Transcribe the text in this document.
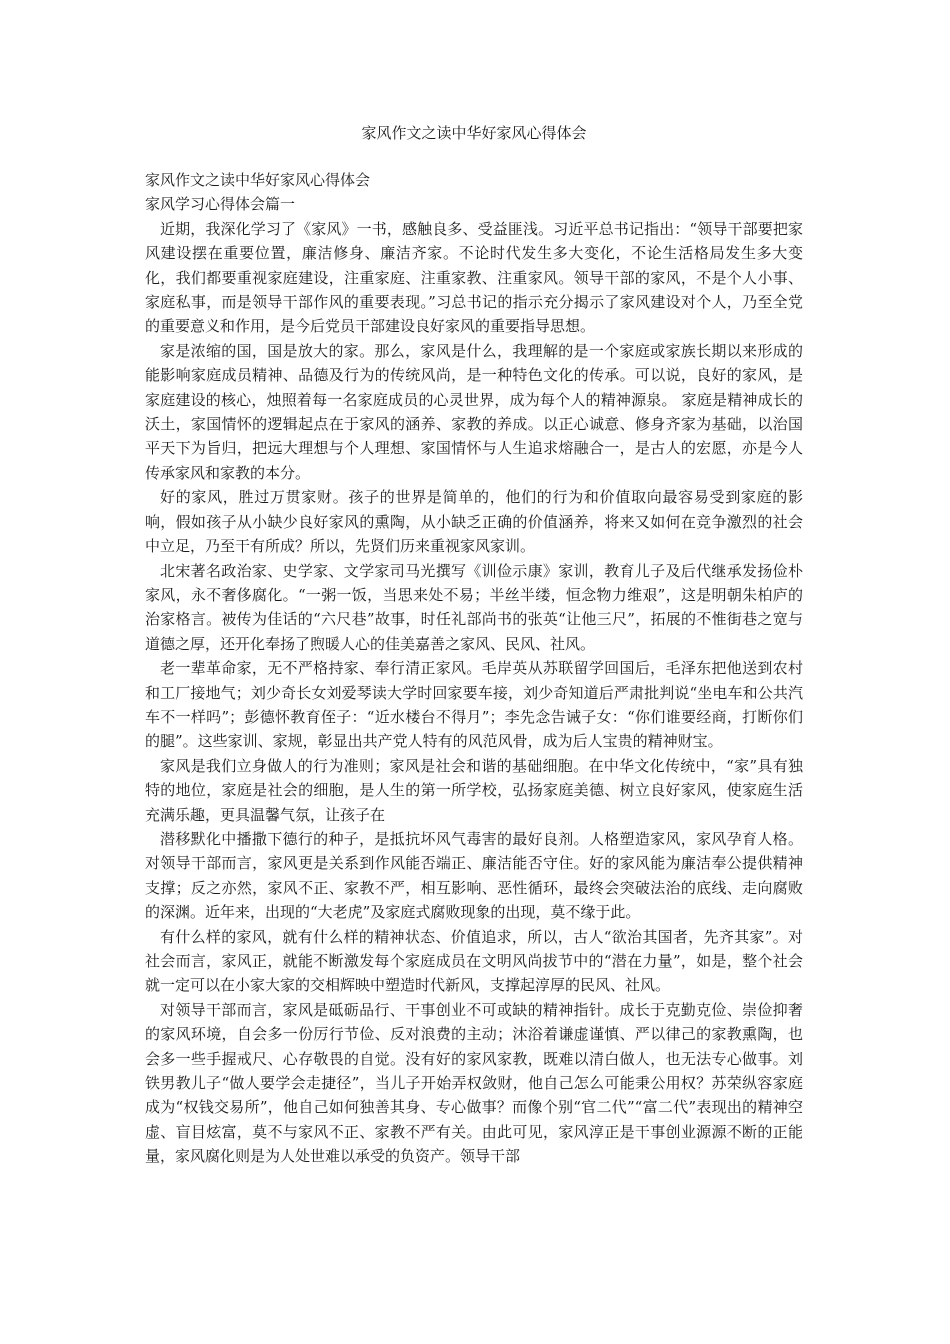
家风作文之读中华好家风心得体会

家风作文之读中华好家风心得体会

家风学习心得体会篇一

近期，我深化学习了《家风》一书，感触良多、受益匪浅。习近平总书记指出：“领导干部要把家风建设摆在重要位置，廉洁修身、廉洁齐家。不论时代发生多大变化，不论生活格局发生多大变化，我们都要重视家庭建设，注重家庭、注重家教、注重家风。领导干部的家风，不是个人小事、家庭私事，而是领导干部作风的重要表现。”习总书记的指示充分揭示了家风建设对个人，乃至全党的重要意义和作用，是今后党员干部建设良好家风的重要指导思想。

家是浓缩的国，国是放大的家。那么，家风是什么，我理解的是一个家庭或家族长期以来形成的能影响家庭成员精神、品德及行为的传统风尚，是一种特色文化的传承。可以说，良好的家风，是家庭建设的核心，烛照着每一名家庭成员的心灵世界，成为每个人的精神源泉。 家庭是精神成长的沃土，家国情怀的逻辑起点在于家风的涵养、家教的养成。以正心诚意、修身齐家为基础，以治国平天下为旨归，把远大理想与个人理想、家国情怀与人生追求熔融合一，是古人的宏愿，亦是今人传承家风和家教的本分。

好的家风，胜过万贯家财。孩子的世界是简单的，他们的行为和价值取向最容易受到家庭的影响，假如孩子从小缺少良好家风的熏陶，从小缺乏正确的价值涵养，将来又如何在竞争激烈的社会中立足，乃至干有所成？所以，先贤们历来重视家风家训。

北宋著名政治家、史学家、文学家司马光撰写《训俭示康》家训，教育儿子及后代继承发扬俭朴家风，永不奢侈腐化。“一粥一饭，当思来处不易；半丝半缕，恒念物力维艰”，这是明朝朱柏庐的治家格言。被传为佳话的“六尺巷”故事，时任礼部尚书的张英“让他三尺”，拓展的不惟街巷之宽与道德之厚，还开化奉扬了煦暖人心的佳美嘉善之家风、民风、社风。

老一辈革命家，无不严格持家、奉行清正家风。毛岸英从苏联留学回国后，毛泽东把他送到农村和工厂接地气；刘少奇长女刘爱琴读大学时回家要车接，刘少奇知道后严肃批判说“坐电车和公共汽车不一样吗”；彭德怀教育侄子：“近水楼台不得月”；李先念告诫子女：“你们谁要经商，打断你们的腿”。这些家训、家规，彰显出共产党人特有的风范风骨，成为后人宝贵的精神财宝。

家风是我们立身做人的行为准则；家风是社会和谐的基础细胞。在中华文化传统中，“家”具有独特的地位，家庭是社会的细胞，是人生的第一所学校，弘扬家庭美德、树立良好家风，使家庭生活充满乐趣，更具温馨气氛，让孩子在

潜移默化中播撒下德行的种子，是抵抗坏风气毒害的最好良剂。人格塑造家风，家风孕育人格。对领导干部而言，家风更是关系到作风能否端正、廉洁能否守住。好的家风能为廉洁奉公提供精神支撑；反之亦然，家风不正、家教不严，相互影响、恶性循环，最终会突破法治的底线、走向腐败的深渊。近年来，出现的“大老虎”及家庭式腐败现象的出现，莫不缘于此。

有什么样的家风，就有什么样的精神状态、价值追求，所以，古人“欲治其国者，先齐其家”。对社会而言，家风正，就能不断激发每个家庭成员在文明风尚拔节中的“潜在力量”，如是，整个社会就一定可以在小家大家的交相辉映中塑造时代新风，支撑起淳厚的民风、社风。

对领导干部而言，家风是砥砺品行、干事创业不可或缺的精神指针。成长于克勤克俭、崇俭抑奢的家风环境，自会多一份厉行节俭、反对浪费的主动；沐浴着谦虚谨慎、严以律己的家教熏陶，也会多一些手握戒尺、心存敬畏的自觉。没有好的家风家教，既难以清白做人，也无法专心做事。刘铁男教儿子“做人要学会走捷径”，当儿子开始弄权敛财，他自己怎么可能秉公用权？苏荣纵容家庭成为“权钱交易所”，他自己如何独善其身、专心做事？而像个别“官二代”“富二代”表现出的精神空虚、盲目炫富，莫不与家风不正、家教不严有关。由此可见，家风淳正是干事创业源源不断的正能量，家风腐化则是为人处世难以承受的负资产。领导干部
